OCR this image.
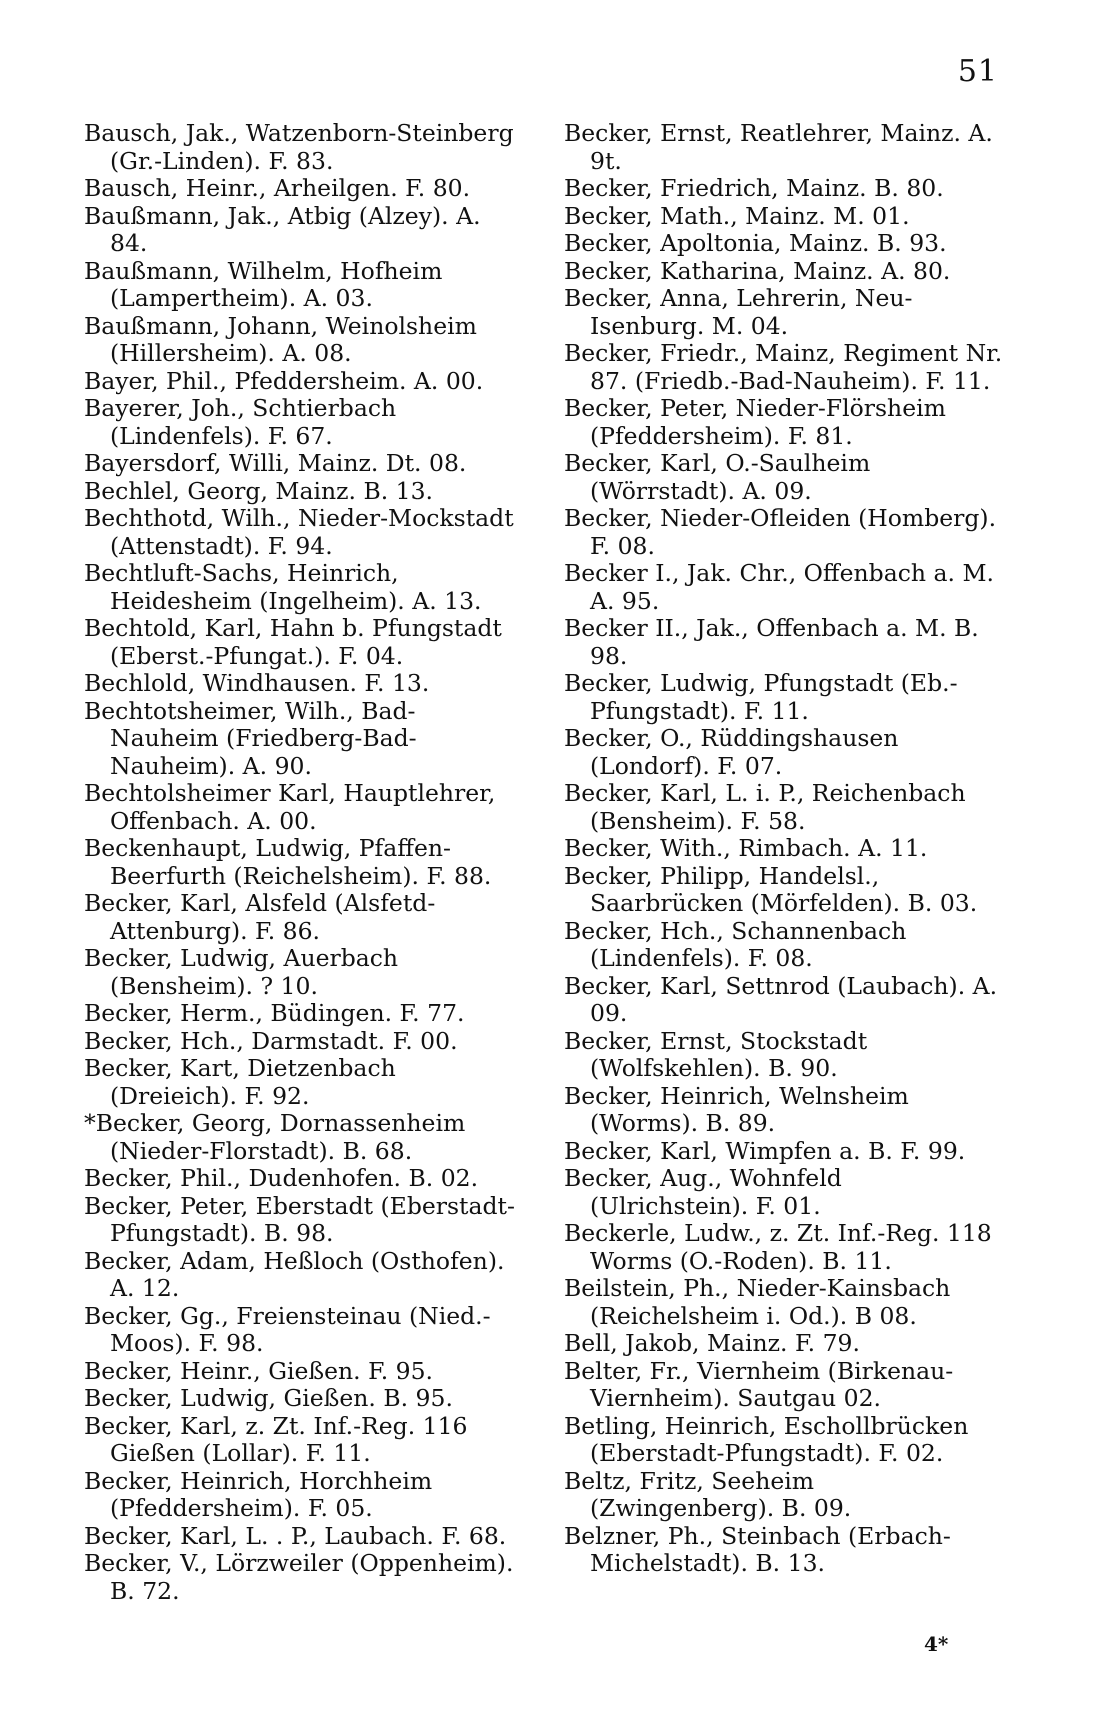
51

Bausch, Jak., Watzenborn-Steinberg (Gr.-Linden). F. 83.

Bausch, Heinr., Arheilgen. F. 80.

Baußmann, Jak., Atbig (Alzey). A. 84.

Baußmann, Wilhelm, Hofheim (Lampertheim). A. 03.

Baußmann, Johann, Weinolsheim (Hillersheim). A. 08.

Bayer, Phil., Pfeddersheim. A. 00.

Bayerer, Joh., Schtierbach (Lindenfels). F. 67.

Bayersdorf, Willi, Mainz. Dt. 08.

Bechlel, Georg, Mainz. B. 13.

Bechthotd, Wilh., Nieder-Mockstadt (Attenstadt). F. 94.

Bechtluft-Sachs, Heinrich, Heidesheim (Ingelheim). A. 13.

Bechtold, Karl, Hahn b. Pfungstadt (Eberst.-Pfungat.). F. 04.

Bechlold, Windhausen. F. 13.

Bechtotsheimer, Wilh., Bad-Nauheim (Friedberg-Bad-Nauheim). A. 90.

Bechtolsheimer Karl, Hauptlehrer, Offenbach. A. 00.

Beckenhaupt, Ludwig, Pfaffen-Beerfurth (Reichelsheim). F. 88.

Becker, Karl, Alsfeld (Alsfetd-Attenburg). F. 86.

Becker, Ludwig, Auerbach (Bensheim). ? 10.

Becker, Herm., Büdingen. F. 77.

Becker, Hch., Darmstadt. F. 00.

Becker, Kart, Dietzenbach (Dreieich). F. 92.

*Becker, Georg, Dornassenheim (Nieder-Florstadt). B. 68.

Becker, Phil., Dudenhofen. B. 02.

Becker, Peter, Eberstadt (Eberstadt-Pfungstadt). B. 98.

Becker, Adam, Heßloch (Osthofen). A. 12.

Becker, Gg., Freiensteinau (Nied.-Moos). F. 98.

Becker, Heinr., Gießen. F. 95.

Becker, Ludwig, Gießen. B. 95.

Becker, Karl, z. Zt. Inf.-Reg. 116 Gießen (Lollar). F. 11.

Becker, Heinrich, Horchheim (Pfeddersheim). F. 05.

Becker, Karl, L. . P., Laubach. F. 68.

Becker, V., Lörzweiler (Oppenheim). B. 72.

Becker, Ernst, Reatlehrer, Mainz. A. 9t.

Becker, Friedrich, Mainz. B. 80.

Becker, Math., Mainz. M. 01.

Becker, Apoltonia, Mainz. B. 93.

Becker, Katharina, Mainz. A. 80.

Becker, Anna, Lehrerin, Neu-Isenburg. M. 04.

Becker, Friedr., Mainz, Regiment Nr. 87. (Friedb.-Bad-Nauheim). F. 11.

Becker, Peter, Nieder-Flörsheim (Pfeddersheim). F. 81.

Becker, Karl, O.-Saulheim (Wörrstadt). A. 09.

Becker, Nieder-Ofleiden (Homberg). F. 08.

Becker I., Jak. Chr., Offenbach a. M. A. 95.

Becker II., Jak., Offenbach a. M. B. 98.

Becker, Ludwig, Pfungstadt (Eb.-Pfungstadt). F. 11.

Becker, O., Rüddingshausen (Londorf). F. 07.

Becker, Karl, L. i. P., Reichenbach (Bensheim). F. 58.

Becker, With., Rimbach. A. 11.

Becker, Philipp, Handelsl., Saarbrücken (Mörfelden). B. 03.

Becker, Hch., Schannenbach (Lindenfels). F. 08.

Becker, Karl, Settnrod (Laubach). A. 09.

Becker, Ernst, Stockstadt (Wolfskehlen). B. 90.

Becker, Heinrich, Welnsheim (Worms). B. 89.

Becker, Karl, Wimpfen a. B. F. 99.

Becker, Aug., Wohnfeld (Ulrichstein). F. 01.

Beckerle, Ludw., z. Zt. Inf.-Reg. 118 Worms (O.-Roden). B. 11.

Beilstein, Ph., Nieder-Kainsbach (Reichelsheim i. Od.). B 08.

Bell, Jakob, Mainz. F. 79.

Belter, Fr., Viernheim (Birkenau-Viernheim). Sautgau 02.

Betling, Heinrich, Eschollbrücken (Eberstadt-Pfungstadt). F. 02.

Beltz, Fritz, Seeheim (Zwingenberg). B. 09.

Belzner, Ph., Steinbach (Erbach-Michelstadt). B. 13.

4*
